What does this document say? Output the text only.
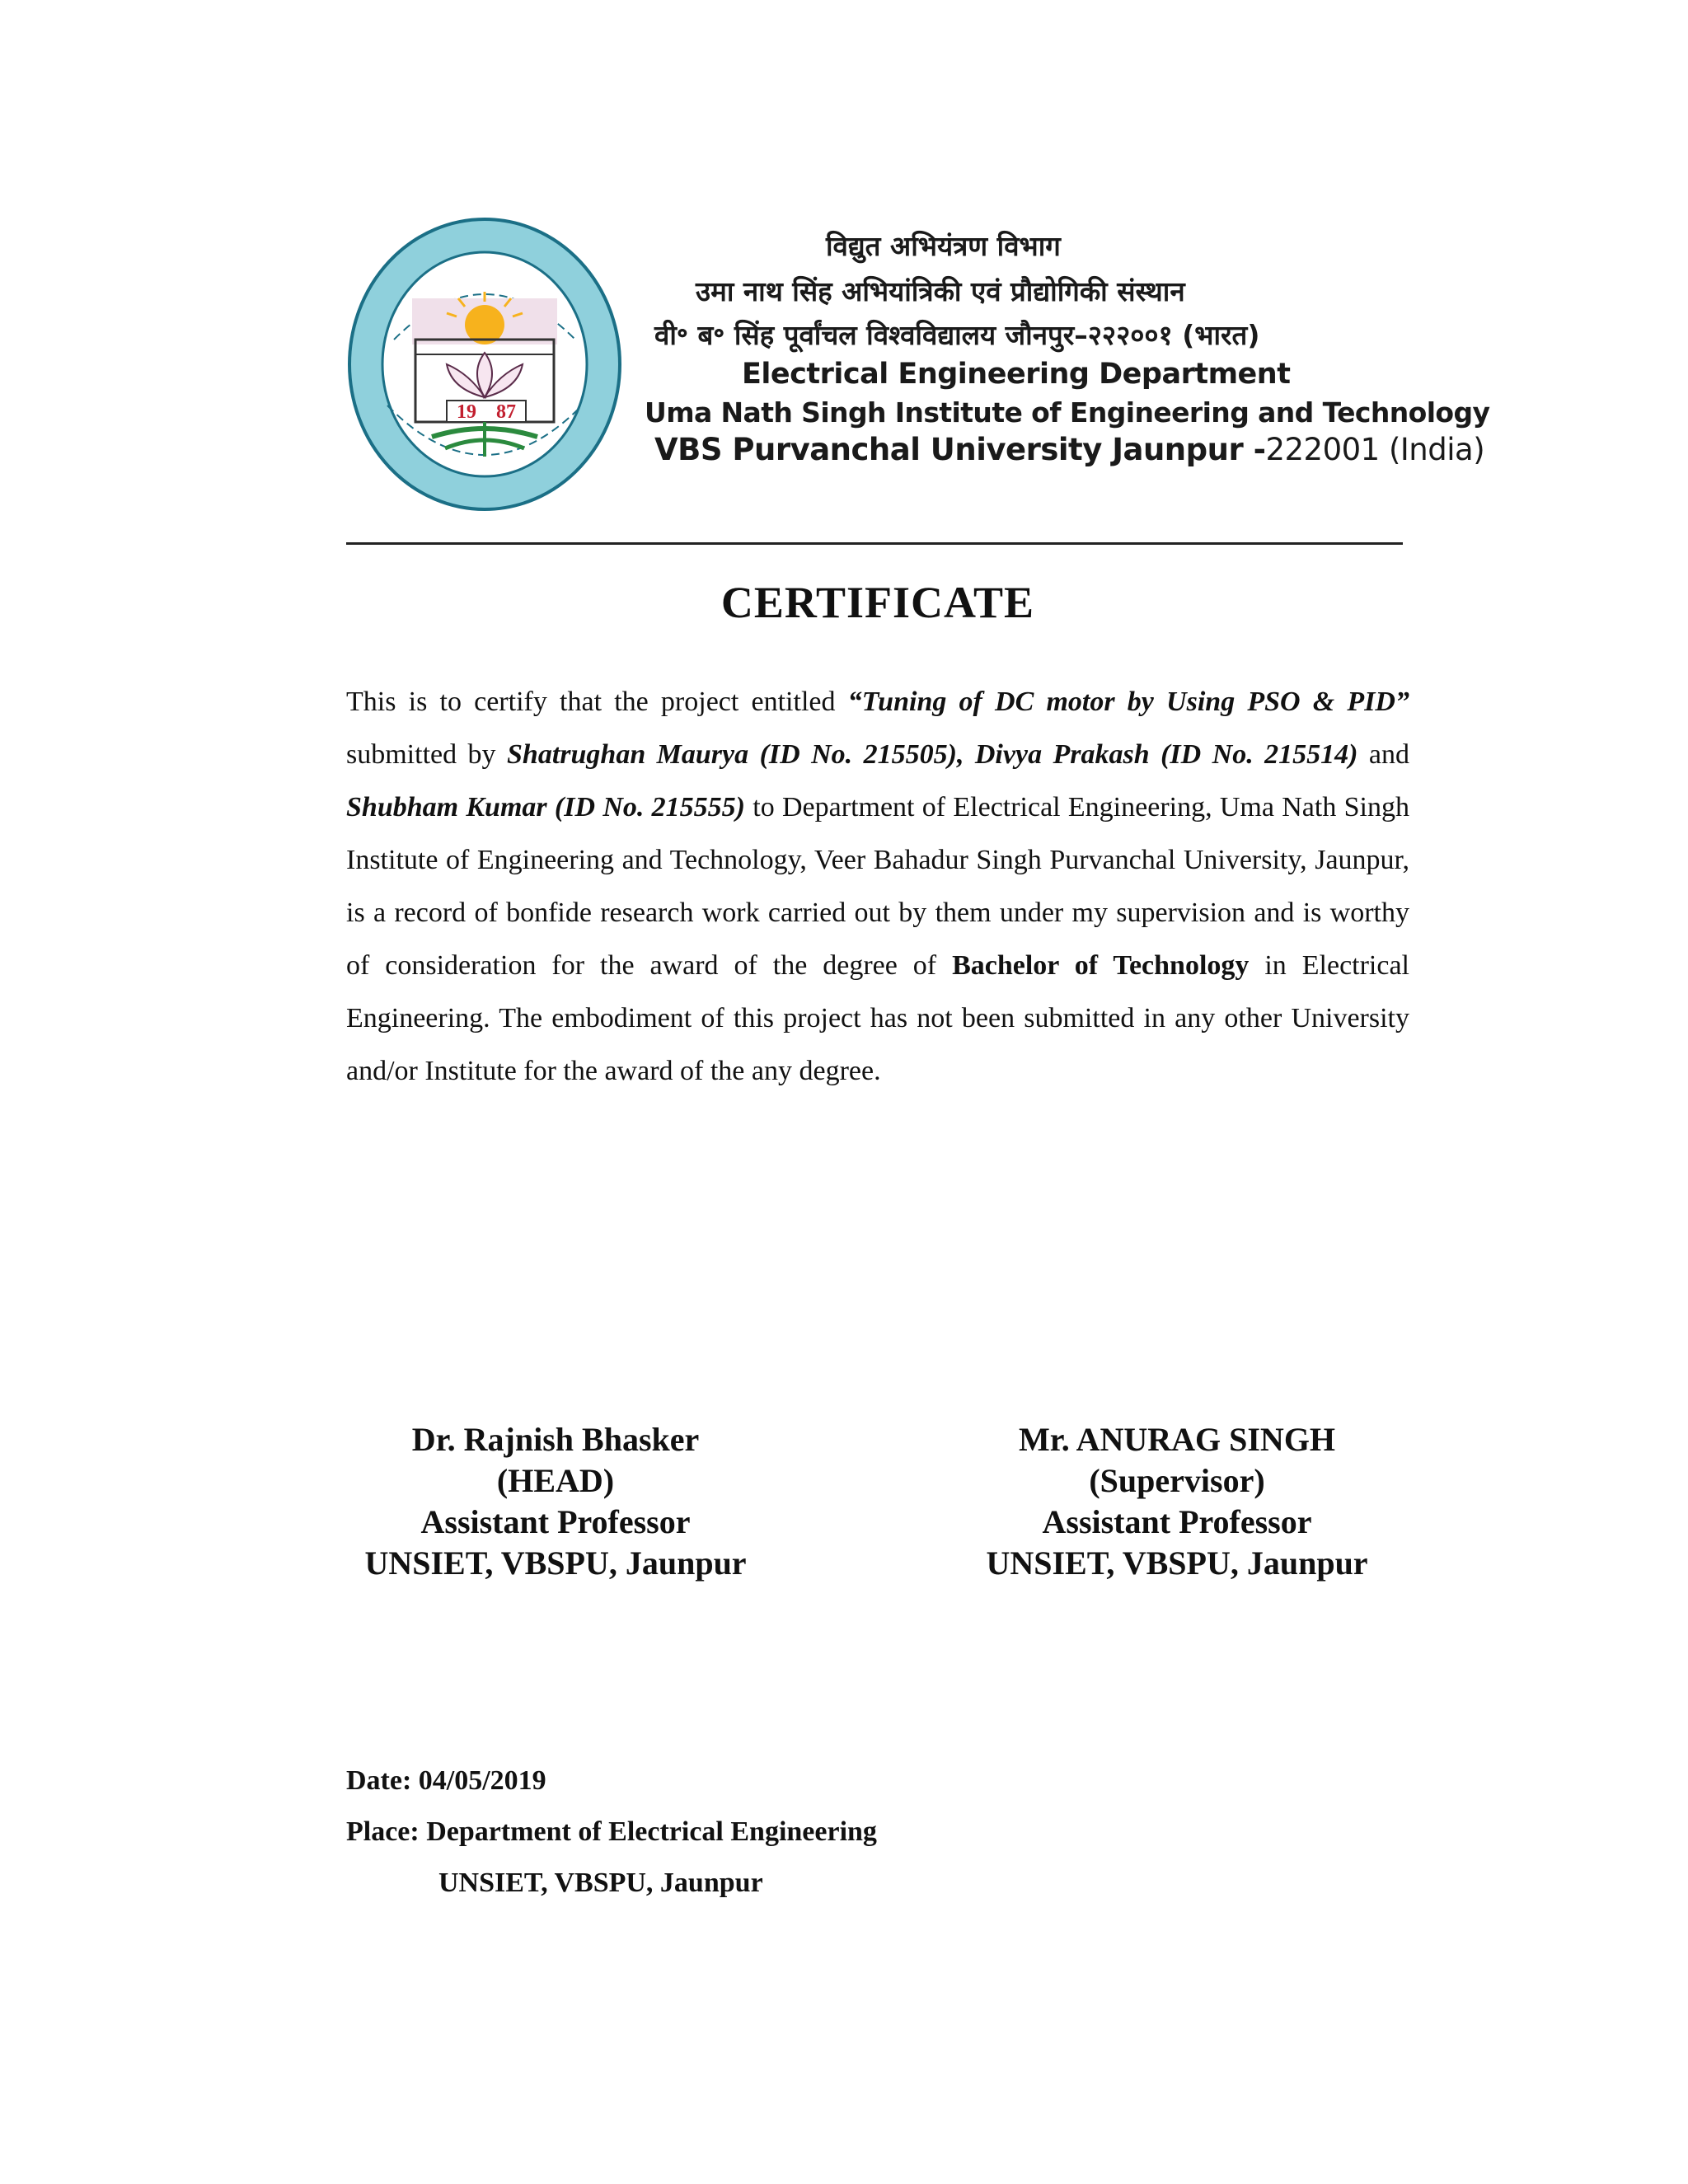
19 87
विद्युत अभियंत्रण विभाग
उमा नाथ सिंह अभियांत्रिकी एवं प्रौद्योगिकी संस्थान
वी॰ ब॰ सिंह पूर्वांचल विश्वविद्यालय जौनपुर–२२२००१ (भारत)
Electrical Engineering Department
Uma Nath Singh Institute of Engineering and Technology
VBS Purvanchal University Jaunpur -222001 (India)
CERTIFICATE
This is to certify that the project entitled “Tuning of DC motor by Using PSO & PID” submitted by Shatrughan Maurya (ID No. 215505), Divya Prakash (ID No. 215514) and Shubham Kumar (ID No. 215555) to Department of Electrical Engineering, Uma Nath Singh Institute of Engineering and Technology, Veer Bahadur Singh Purvanchal University, Jaunpur, is a record of bonfide research work carried out by them under my supervision and is worthy of consideration for the award of the degree of Bachelor of Technology in Electrical Engineering. The embodiment of this project has not been submitted in any other University and/or Institute for the award of the any degree.
Dr. Rajnish Bhasker
(HEAD)
Assistant Professor
UNSIET, VBSPU, Jaunpur
Mr. ANURAG SINGH
(Supervisor)
Assistant Professor
UNSIET, VBSPU, Jaunpur
Date: 04/05/2019
Place: Department of Electrical Engineering
UNSIET, VBSPU, Jaunpur
